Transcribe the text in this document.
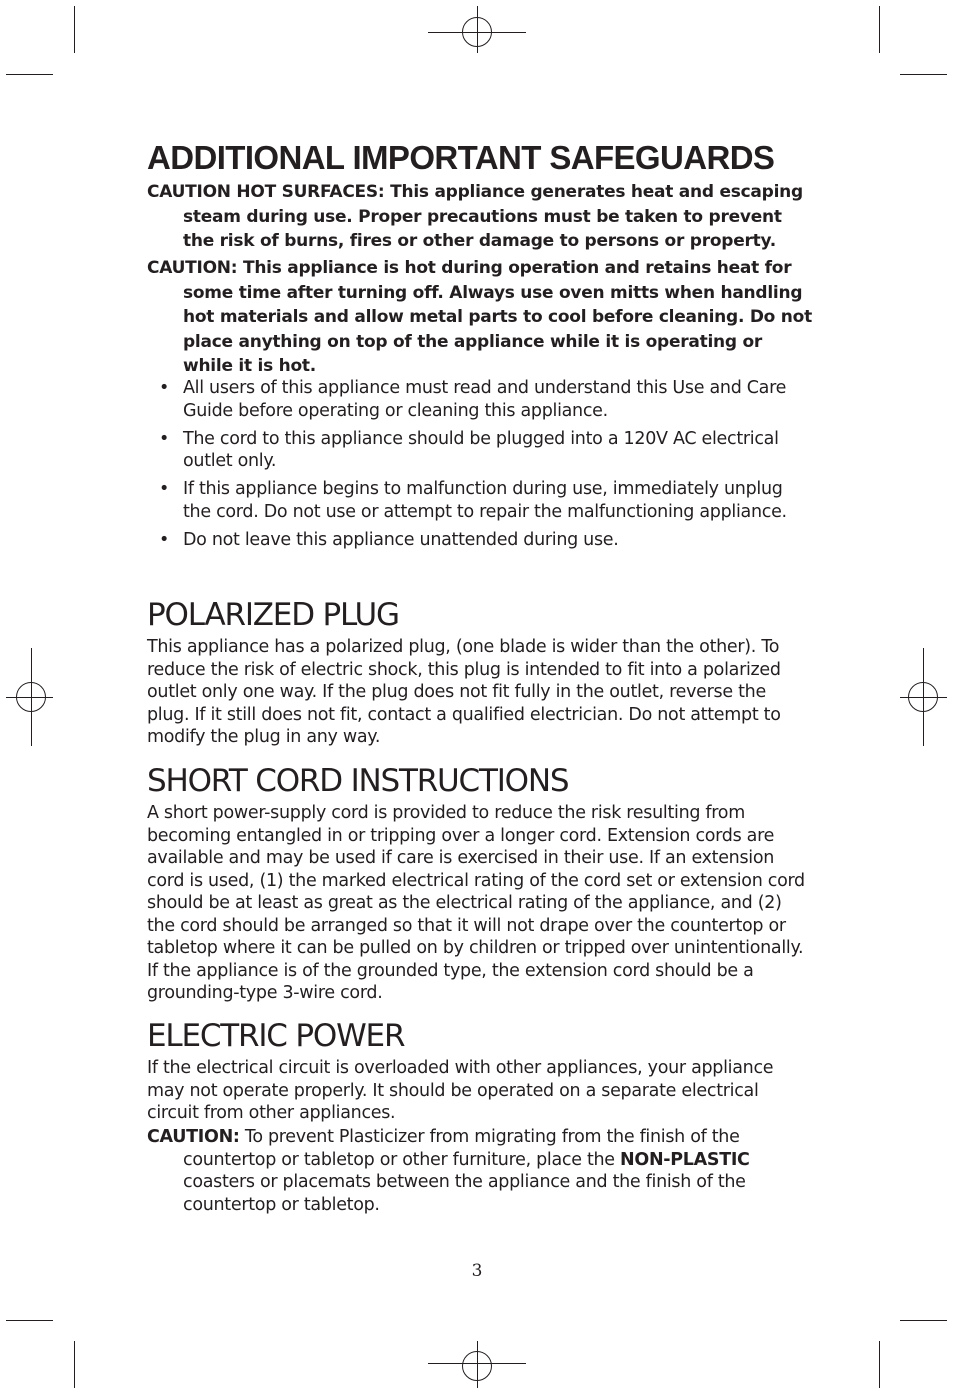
ADDITIONAL IMPORTANT SAFEGUARDS
CAUTION HOT SURFACES: This appliance generates heat and escaping steam during use. Proper precautions must be taken to prevent the risk of burns, fires or other damage to persons or property.
CAUTION: This appliance is hot during operation and retains heat for some time after turning off. Always use oven mitts when handling hot materials and allow metal parts to cool before cleaning. Do not place anything on top of the appliance while it is operating or while it is hot.
• All users of this appliance must read and understand this Use and Care Guide before operating or cleaning this appliance.
• The cord to this appliance should be plugged into a 120V AC electrical outlet only.
• If this appliance begins to malfunction during use, immediately unplug the cord. Do not use or attempt to repair the malfunctioning appliance.
• Do not leave this appliance unattended during use.
POLARIZED PLUG
This appliance has a polarized plug, (one blade is wider than the other). To reduce the risk of electric shock, this plug is intended to fit into a polarized outlet only one way. If the plug does not fit fully in the outlet, reverse the plug. If it still does not fit, contact a qualified electrician. Do not attempt to modify the plug in any way.
SHORT CORD INSTRUCTIONS
A short power-supply cord is provided to reduce the risk resulting from becoming entangled in or tripping over a longer cord. Extension cords are available and may be used if care is exercised in their use. If an extension cord is used, (1) the marked electrical rating of the cord set or extension cord should be at least as great as the electrical rating of the appliance, and (2) the cord should be arranged so that it will not drape over the countertop or tabletop where it can be pulled on by children or tripped over unintentionally. If the appliance is of the grounded type, the extension cord should be a grounding-type 3-wire cord.
ELECTRIC POWER
If the electrical circuit is overloaded with other appliances, your appliance may not operate properly. It should be operated on a separate electrical circuit from other appliances.
CAUTION: To prevent Plasticizer from migrating from the finish of the countertop or tabletop or other furniture, place the NON-PLASTIC coasters or placemats between the appliance and the finish of the countertop or tabletop.
3
